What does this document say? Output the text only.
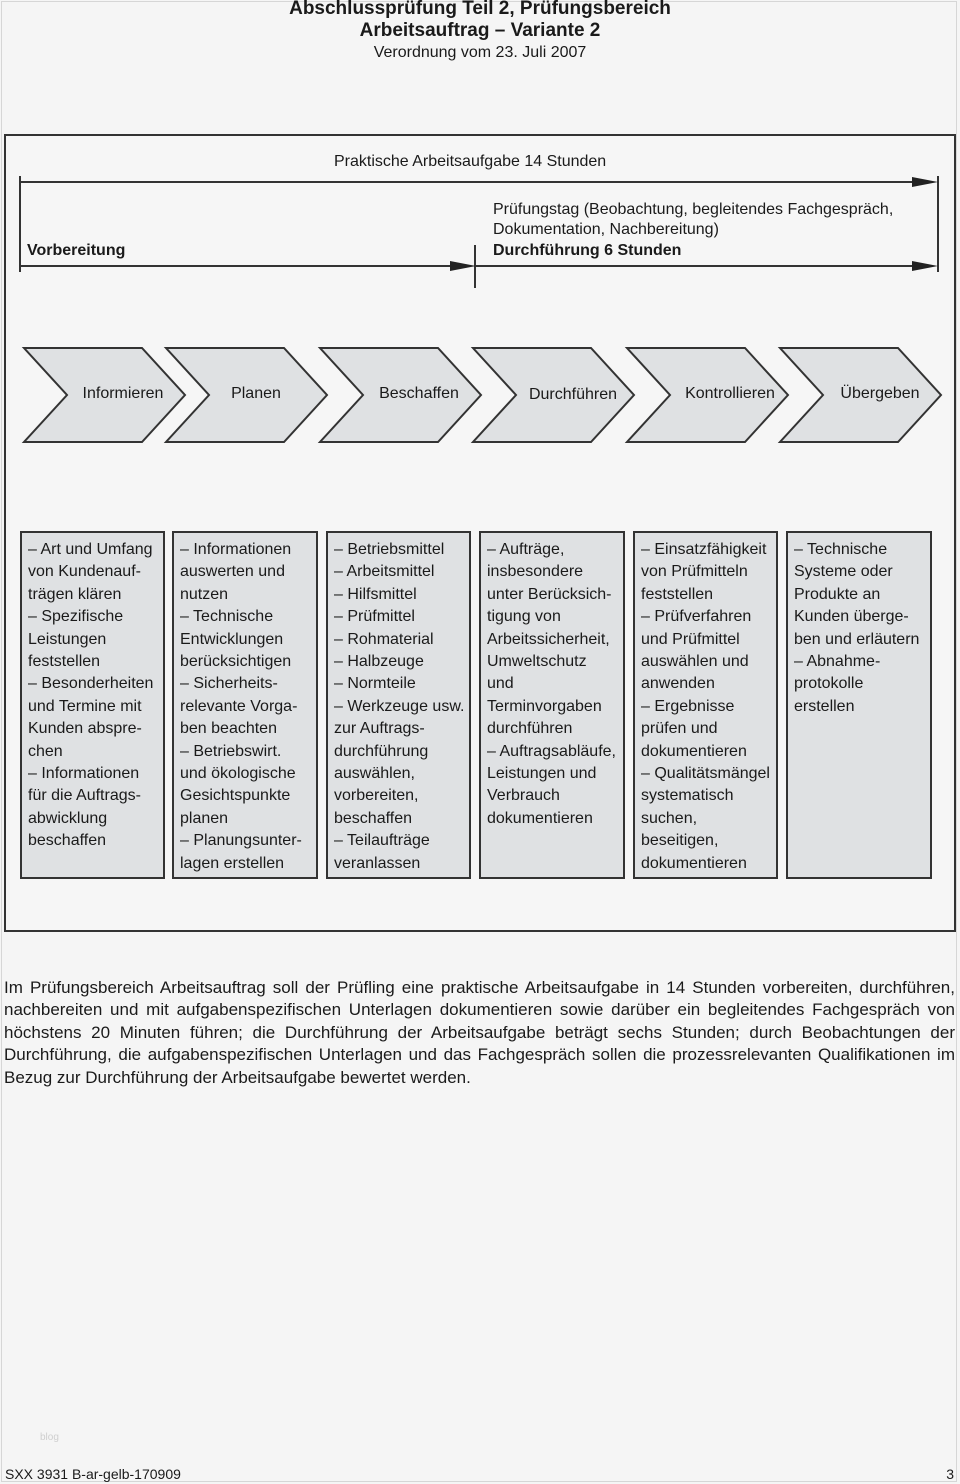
Abschlussprüfung Teil 2, Prüfungsbereich
Arbeitsauftrag – Variante 2
Verordnung vom 23. Juli 2007
Praktische Arbeitsaufgabe 14 Stunden
Vorbereitung
Prüfungstag (Beobachtung, begleitendes Fachgespräch,
Dokumentation, Nachbereitung)
Durchführung 6 Stunden
Informieren	Planen	Beschaffen	Durchführen	Kontrollieren	Übergeben
– Art und Umfang
von Kundenauf-
trägen klären
– Spezifische
Leistungen
feststellen
– Besonderheiten
und Termine mit
Kunden abspre-
chen
– Informationen
für die Auftrags-
abwicklung
beschaffen
– Informationen
auswerten und
nutzen
– Technische
Entwicklungen
berücksichtigen
– Sicherheits-
relevante Vorga-
ben beachten
– Betriebswirt.
und ökologische
Gesichtspunkte
planen
– Planungsunter-
lagen erstellen
– Betriebsmittel
– Arbeitsmittel
– Hilfsmittel
– Prüfmittel
– Rohmaterial
– Halbzeuge
– Normteile
– Werkzeuge usw.
zur Auftrags-
durchführung
auswählen,
vorbereiten,
beschaffen
– Teilaufträge
veranlassen
– Aufträge,
insbesondere
unter Berücksich-
tigung von
Arbeitssicherheit,
Umweltschutz
und
Terminvorgaben
durchführen
– Auftragsabläufe,
Leistungen und
Verbrauch
dokumentieren
– Einsatzfähigkeit
von Prüfmitteln
feststellen
– Prüfverfahren
und Prüfmittel
auswählen und
anwenden
– Ergebnisse
prüfen und
dokumentieren
– Qualitätsmängel
systematisch
suchen,
beseitigen,
dokumentieren
– Technische
Systeme oder
Produkte an
Kunden überge-
ben und erläutern
– Abnahme-
protokolle
erstellen
Im Prüfungsbereich Arbeitsauftrag soll der Prüfling eine praktische Arbeitsaufgabe in 14 Stunden vorbereiten, durchführen, nachbereiten und mit aufgabenspezifischen Unterlagen dokumentieren sowie darüber ein begleitendes Fachgespräch von höchstens 20 Minuten führen; die Durchführung der Arbeitsaufgabe beträgt sechs Stunden; durch Beobachtungen der Durchführung, die aufgabenspezifischen Unterlagen und das Fachgespräch sollen die prozessrelevanten Qualifikationen im Bezug zur Durchführung der Arbeitsaufgabe bewertet werden.
blog
SXX 3931 B-ar-gelb-170909	3
